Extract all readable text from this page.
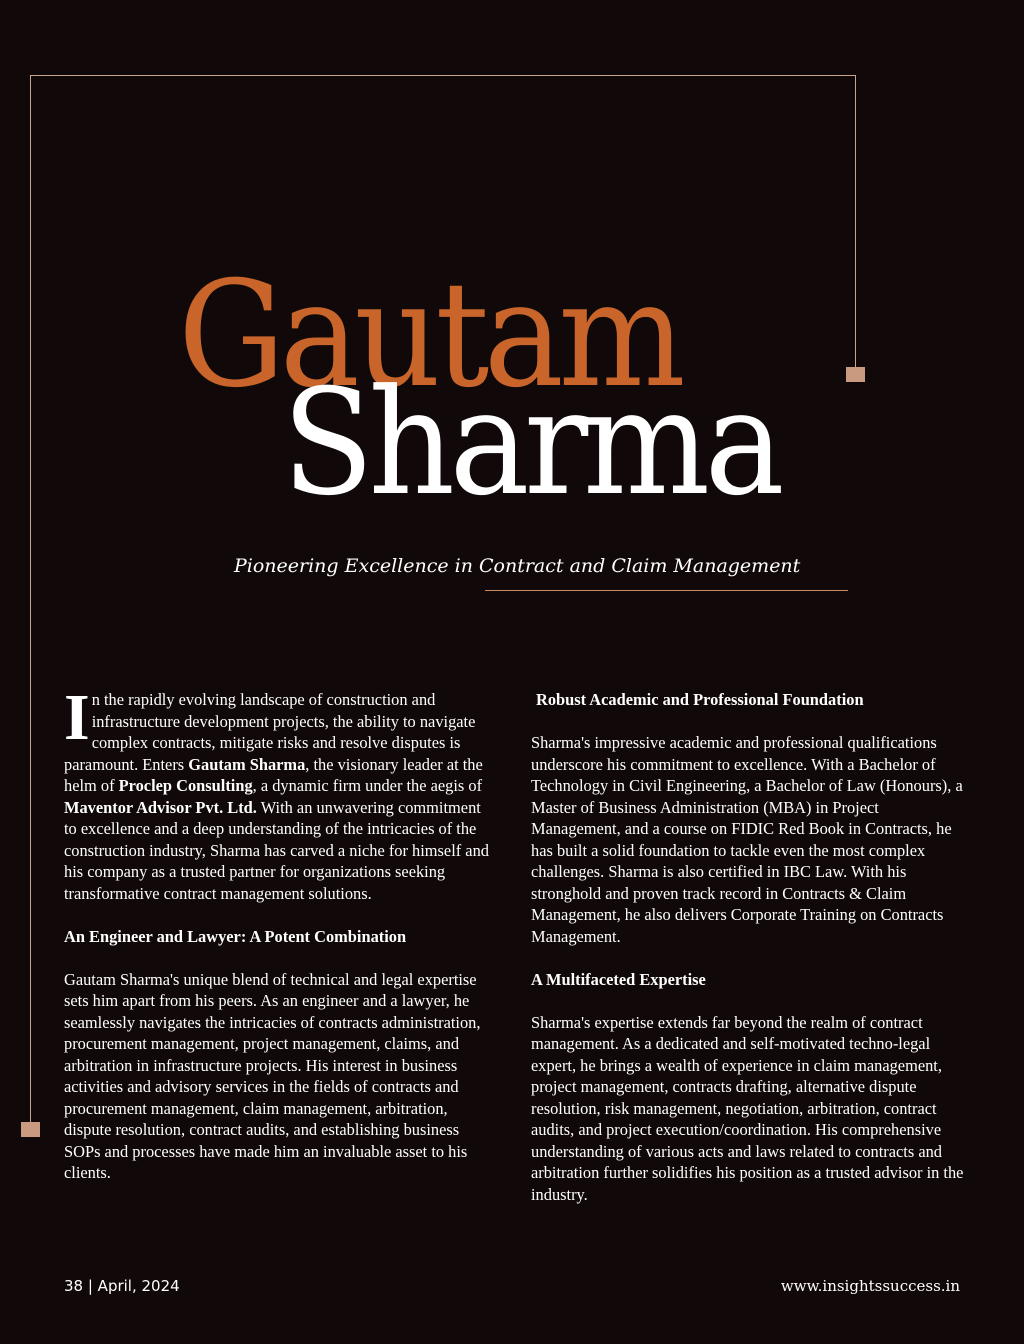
Gautam
Sharma
Pioneering Excellence in Contract and Claim Management

In the rapidly evolving landscape of construction and infrastructure development projects, the ability to navigate complex contracts, mitigate risks and resolve disputes is paramount. Enters Gautam Sharma, the visionary leader at the helm of Proclep Consulting, a dynamic firm under the aegis of Maventor Advisor Pvt. Ltd. With an unwavering commitment to excellence and a deep understanding of the intricacies of the construction industry, Sharma has carved a niche for himself and his company as a trusted partner for organizations seeking transformative contract management solutions.

An Engineer and Lawyer: A Potent Combination

Gautam Sharma's unique blend of technical and legal expertise sets him apart from his peers. As an engineer and a lawyer, he seamlessly navigates the intricacies of contracts administration, procurement management, project management, claims, and arbitration in infrastructure projects. His interest in business activities and advisory services in the fields of contracts and procurement management, claim management, arbitration, dispute resolution, contract audits, and establishing business SOPs and processes have made him an invaluable asset to his clients.

Robust Academic and Professional Foundation

Sharma's impressive academic and professional qualifications underscore his commitment to excellence. With a Bachelor of Technology in Civil Engineering, a Bachelor of Law (Honours), a Master of Business Administration (MBA) in Project Management, and a course on FIDIC Red Book in Contracts, he has built a solid foundation to tackle even the most complex challenges. Sharma is also certified in IBC Law. With his stronghold and proven track record in Contracts & Claim Management, he also delivers Corporate Training on Contracts Management.

A Multifaceted Expertise

Sharma's expertise extends far beyond the realm of contract management. As a dedicated and self-motivated techno-legal expert, he brings a wealth of experience in claim management, project management, contracts drafting, alternative dispute resolution, risk management, negotiation, arbitration, contract audits, and project execution/coordination. His comprehensive understanding of various acts and laws related to contracts and arbitration further solidifies his position as a trusted advisor in the industry.

38 | April, 2024	www.insightssuccess.in
